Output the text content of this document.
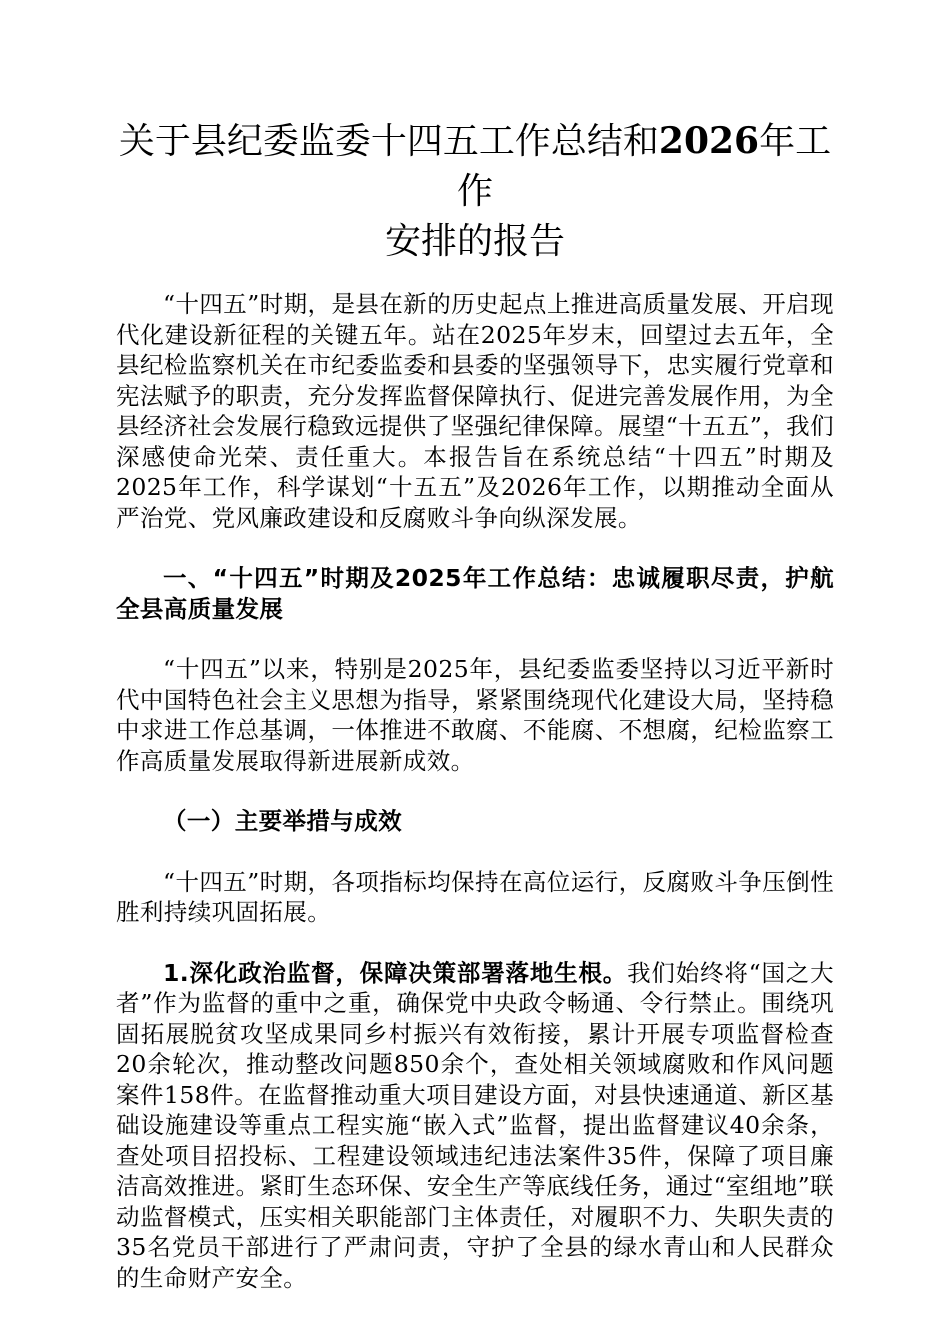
关于县纪委监委十四五工作总结和2026年工作
安排的报告

“十四五”时期，是县在新的历史起点上推进高质量发展、开启现代化建设新征程的关键五年。站在2025年岁末，回望过去五年，全县纪检监察机关在市纪委监委和县委的坚强领导下，忠实履行党章和宪法赋予的职责，充分发挥监督保障执行、促进完善发展作用，为全县经济社会发展行稳致远提供了坚强纪律保障。展望“十五五”，我们深感使命光荣、责任重大。本报告旨在系统总结“十四五”时期及2025年工作，科学谋划“十五五”及2026年工作，以期推动全面从严治党、党风廉政建设和反腐败斗争向纵深发展。

一、“十四五”时期及2025年工作总结：忠诚履职尽责，护航全县高质量发展

“十四五”以来，特别是2025年，县纪委监委坚持以习近平新时代中国特色社会主义思想为指导，紧紧围绕现代化建设大局，坚持稳中求进工作总基调，一体推进不敢腐、不能腐、不想腐，纪检监察工作高质量发展取得新进展新成效。

（一）主要举措与成效

“十四五”时期，各项指标均保持在高位运行，反腐败斗争压倒性胜利持续巩固拓展。

1.深化政治监督，保障决策部署落地生根。我们始终将“国之大者”作为监督的重中之重，确保党中央政令畅通、令行禁止。围绕巩固拓展脱贫攻坚成果同乡村振兴有效衔接，累计开展专项监督检查20余轮次，推动整改问题850余个，查处相关领域腐败和作风问题案件158件。在监督推动重大项目建设方面，对县快速通道、新区基础设施建设等重点工程实施“嵌入式”监督，提出监督建议40余条，查处项目招投标、工程建设领域违纪违法案件35件，保障了项目廉洁高效推进。紧盯生态环保、安全生产等底线任务，通过“室组地”联动监督模式，压实相关职能部门主体责任，对履职不力、失职失责的35名党员干部进行了严肃问责，守护了全县的绿水青山和人民群众的生命财产安全。
